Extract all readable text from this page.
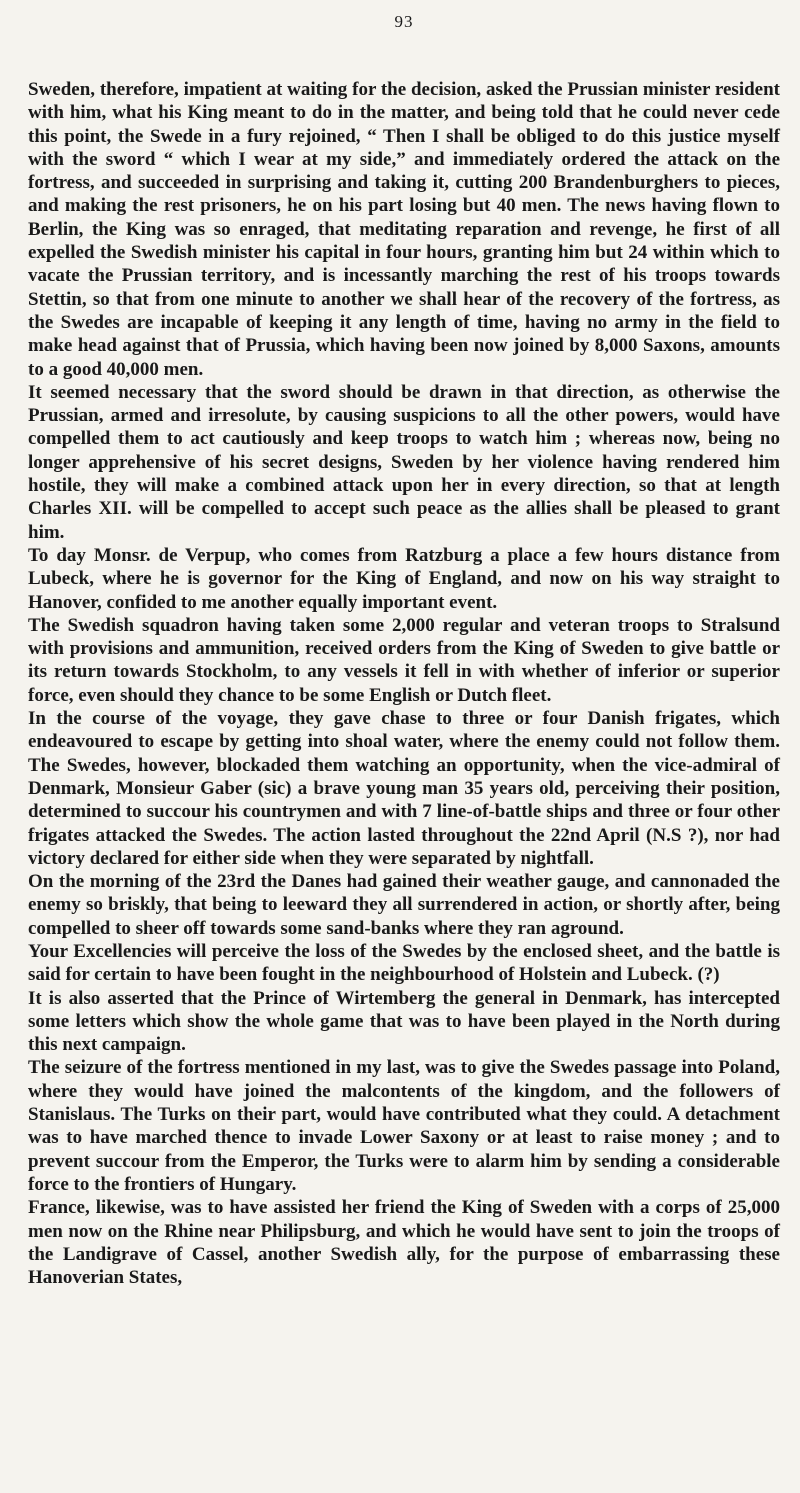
93

Sweden, therefore, impatient at waiting for the decision, asked the Prussian minister resident with him, what his King meant to do in the matter, and being told that he could never cede this point, the Swede in a fury rejoined, “ Then I shall be obliged to do this justice myself with the sword “ which I wear at my side,” and immediately ordered the attack on the fortress, and succeeded in surprising and taking it, cutting 200 Brandenburghers to pieces, and making the rest prisoners, he on his part losing but 40 men. The news having flown to Berlin, the King was so enraged, that meditating reparation and revenge, he first of all expelled the Swedish minister his capital in four hours, granting him but 24 within which to vacate the Prussian territory, and is incessantly marching the rest of his troops towards Stettin, so that from one minute to another we shall hear of the recovery of the fortress, as the Swedes are incapable of keeping it any length of time, having no army in the field to make head against that of Prussia, which having been now joined by 8,000 Saxons, amounts to a good 40,000 men.

It seemed necessary that the sword should be drawn in that direction, as otherwise the Prussian, armed and irresolute, by causing suspicions to all the other powers, would have compelled them to act cautiously and keep troops to watch him ; whereas now, being no longer apprehensive of his secret designs, Sweden by her violence having rendered him hostile, they will make a combined attack upon her in every direction, so that at length Charles XII. will be compelled to accept such peace as the allies shall be pleased to grant him.

To day Monsr. de Verpup, who comes from Ratzburg a place a few hours distance from Lubeck, where he is governor for the King of England, and now on his way straight to Hanover, confided to me another equally important event.

The Swedish squadron having taken some 2,000 regular and veteran troops to Stralsund with provisions and ammunition, received orders from the King of Sweden to give battle or its return towards Stockholm, to any vessels it fell in with whether of inferior or superior force, even should they chance to be some English or Dutch fleet.

In the course of the voyage, they gave chase to three or four Danish frigates, which endeavoured to escape by getting into shoal water, where the enemy could not follow them. The Swedes, however, blockaded them watching an opportunity, when the vice-admiral of Denmark, Monsieur Gaber (sic) a brave young man 35 years old, perceiving their position, determined to succour his countrymen and with 7 line-of-battle ships and three or four other frigates attacked the Swedes. The action lasted throughout the 22nd April (N.S ?), nor had victory declared for either side when they were separated by nightfall.

On the morning of the 23rd the Danes had gained their weather gauge, and cannonaded the enemy so briskly, that being to leeward they all surrendered in action, or shortly after, being compelled to sheer off towards some sand-banks where they ran aground.

Your Excellencies will perceive the loss of the Swedes by the enclosed sheet, and the battle is said for certain to have been fought in the neighbourhood of Holstein and Lubeck. (?)

It is also asserted that the Prince of Wirtemberg the general in Denmark, has intercepted some letters which show the whole game that was to have been played in the North during this next campaign.

The seizure of the fortress mentioned in my last, was to give the Swedes passage into Poland, where they would have joined the malcontents of the kingdom, and the followers of Stanislaus. The Turks on their part, would have contributed what they could. A detachment was to have marched thence to invade Lower Saxony or at least to raise money ; and to prevent succour from the Emperor, the Turks were to alarm him by sending a considerable force to the frontiers of Hungary.

France, likewise, was to have assisted her friend the King of Sweden with a corps of 25,000 men now on the Rhine near Philipsburg, and which he would have sent to join the troops of the Landigrave of Cassel, another Swedish ally, for the purpose of embarrassing these Hanoverian States,
